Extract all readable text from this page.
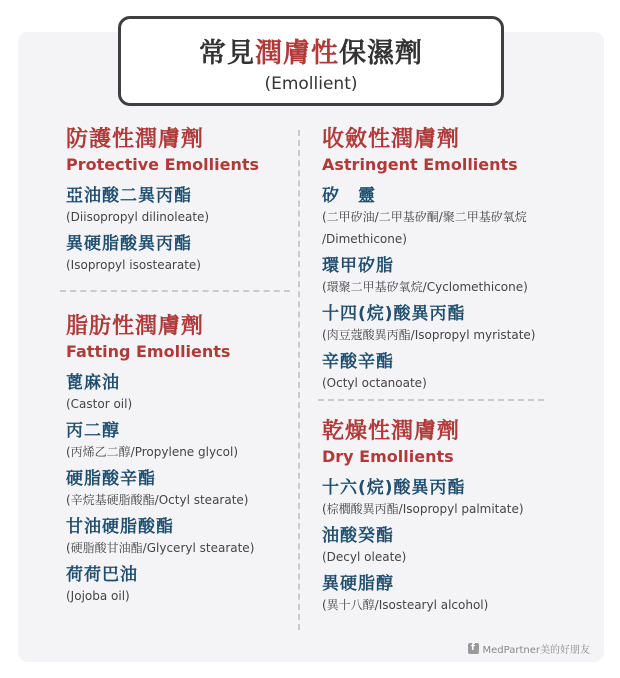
常見潤膚性保濕劑
(Emollient)
防護性潤膚劑
Protective Emollients
亞油酸二異丙酯
(Diisopropyl dilinoleate)
異硬脂酸異丙酯
(Isopropyl isostearate)
脂肪性潤膚劑
Fatting Emollients
蓖麻油
(Castor oil)
丙二醇
(丙烯乙二醇/Propylene glycol)
硬脂酸辛酯
(辛烷基硬脂酸酯/Octyl stearate)
甘油硬脂酸酯
(硬脂酸甘油酯/Glyceryl stearate)
荷荷巴油
(Jojoba oil)
收斂性潤膚劑
Astringent Emollients
矽　靈
(二甲矽油/二甲基矽酮/聚二甲基矽氧烷
/Dimethicone)
環甲矽脂
(環聚二甲基矽氧烷/Cyclomethicone)
十四(烷)酸異丙酯
(肉豆蔻酸異丙酯/Isopropyl myristate)
辛酸辛酯
(Octyl octanoate)
乾燥性潤膚劑
Dry Emollients
十六(烷)酸異丙酯
(棕櫚酸異丙酯/Isopropyl palmitate)
油酸癸酯
(Decyl oleate)
異硬脂醇
(異十八醇/Isostearyl alcohol)
f MedPartner美的好朋友
